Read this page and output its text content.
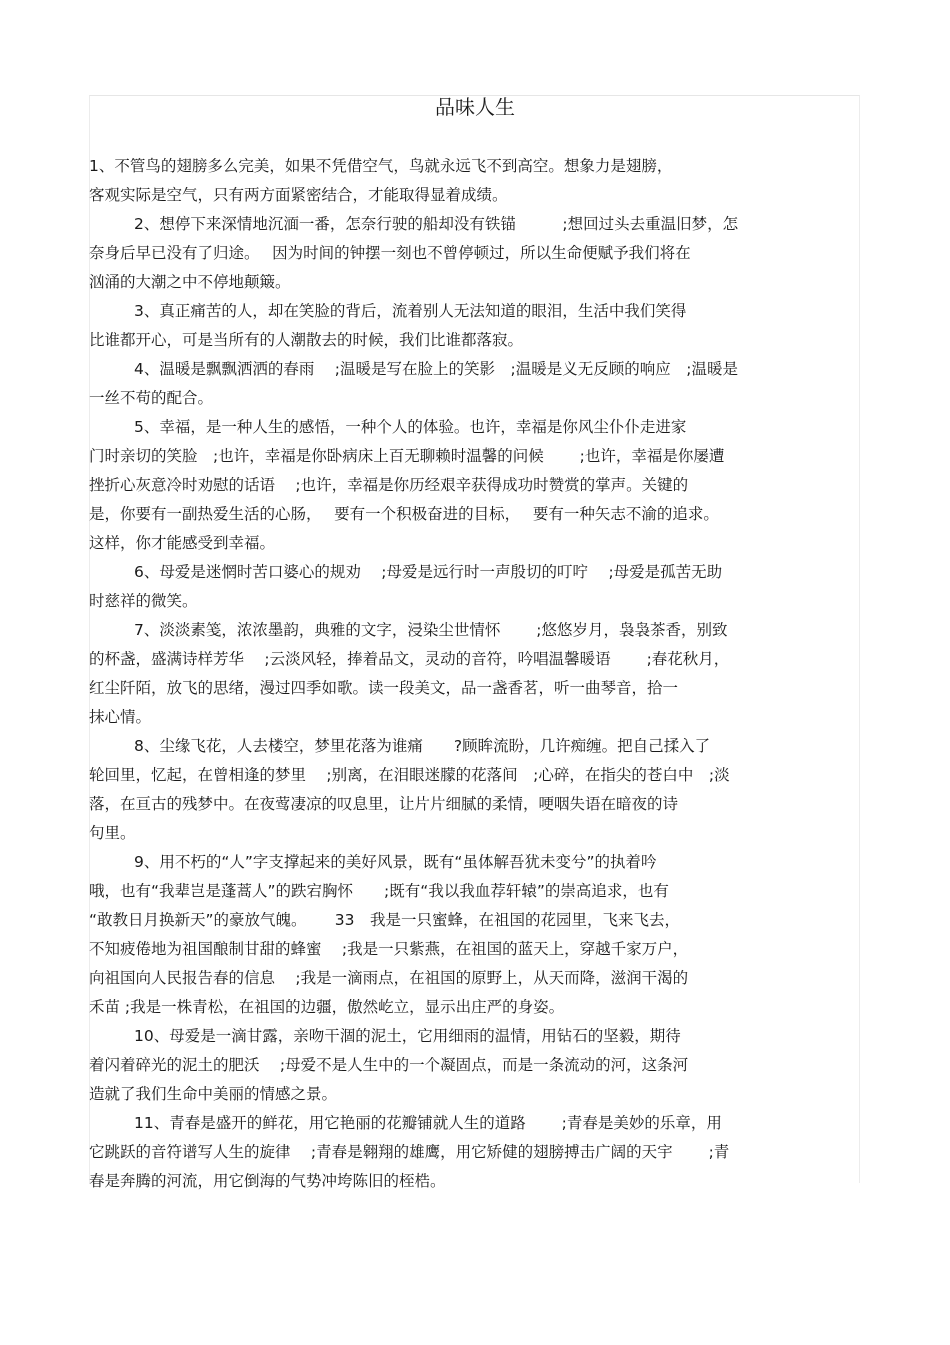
品味人生
1、不管鸟的翅膀多么完美，如果不凭借空气，鸟就永远飞不到高空。想象力是翅膀，
客观实际是空气，只有两方面紧密结合，才能取得显着成绩。
2、想停下来深情地沉湎一番，怎奈行驶的船却没有铁锚　　　;想回过头去重温旧梦，怎
奈身后早已没有了归途。　 因为时间的钟摆一刻也不曾停顿过，所以生命便赋予我们将在
汹涌的大潮之中不停地颠簸。
3、真正痛苦的人，却在笑脸的背后，流着别人无法知道的眼泪，生活中我们笑得
比谁都开心，可是当所有的人潮散去的时候，我们比谁都落寂。
4、温暖是飘飘洒洒的春雨　 ;温暖是写在脸上的笑影　;温暖是义无反顾的响应　;温暖是
一丝不苟的配合。
5、幸福，是一种人生的感悟，一种个人的体验。也许，幸福是你风尘仆仆走进家
门时亲切的笑脸　;也许，幸福是你卧病床上百无聊赖时温馨的问候　　 ;也许，幸福是你屡遭
挫折心灰意冷时劝慰的话语　 ;也许，幸福是你历经艰辛获得成功时赞赏的掌声。关键的
是，你要有一副热爱生活的心肠，　 要有一个积极奋进的目标，　 要有一种矢志不渝的追求。
这样，你才能感受到幸福。
6、母爱是迷惘时苦口婆心的规劝　 ;母爱是远行时一声殷切的叮咛　 ;母爱是孤苦无助
时慈祥的微笑。
7、淡淡素笺，浓浓墨韵，典雅的文字，浸染尘世情怀　　 ;悠悠岁月，袅袅茶香，别致
的杯盏，盛满诗样芳华　 ;云淡风轻，捧着品文，灵动的音符，吟唱温馨暖语　　 ;春花秋月，
红尘阡陌，放飞的思绪，漫过四季如歌。读一段美文，品一盏香茗，听一曲琴音，拾一
抹心情。
8、尘缘飞花，人去楼空，梦里花落为谁痛　　?顾眸流盼，几许痴缠。把自己揉入了
轮回里，忆起，在曾相逢的梦里　 ;别离，在泪眼迷朦的花落间　;心碎，在指尖的苍白中　;淡
落，在亘古的残梦中。在夜莺凄凉的叹息里，让片片细腻的柔情，哽咽失语在暗夜的诗
句里。
9、用不朽的“人”字支撑起来的美好风景，既有“虽体解吾犹未变兮”的执着吟
哦，也有“我辈岂是蓬蒿人”的跌宕胸怀　　;既有“我以我血荐轩辕”的崇高追求，也有
“敢教日月换新天”的豪放气魄。　　 33　我是一只蜜蜂，在祖国的花园里，飞来飞去，
不知疲倦地为祖国酿制甘甜的蜂蜜　 ;我是一只紫燕，在祖国的蓝天上，穿越千家万户，
向祖国向人民报告春的信息　 ;我是一滴雨点，在祖国的原野上，从天而降，滋润干渴的
禾苗 ;我是一株青松，在祖国的边疆，傲然屹立，显示出庄严的身姿。
10、母爱是一滴甘露，亲吻干涸的泥土，它用细雨的温情，用钻石的坚毅，期待
着闪着碎光的泥土的肥沃　 ;母爱不是人生中的一个凝固点，而是一条流动的河，这条河
造就了我们生命中美丽的情感之景。
11、青春是盛开的鲜花，用它艳丽的花瓣铺就人生的道路　　 ;青春是美妙的乐章，用
它跳跃的音符谱写人生的旋律　 ;青春是翱翔的雄鹰，用它矫健的翅膀搏击广阔的天宇　　 ;青
春是奔腾的河流，用它倒海的气势冲垮陈旧的桎梏。
